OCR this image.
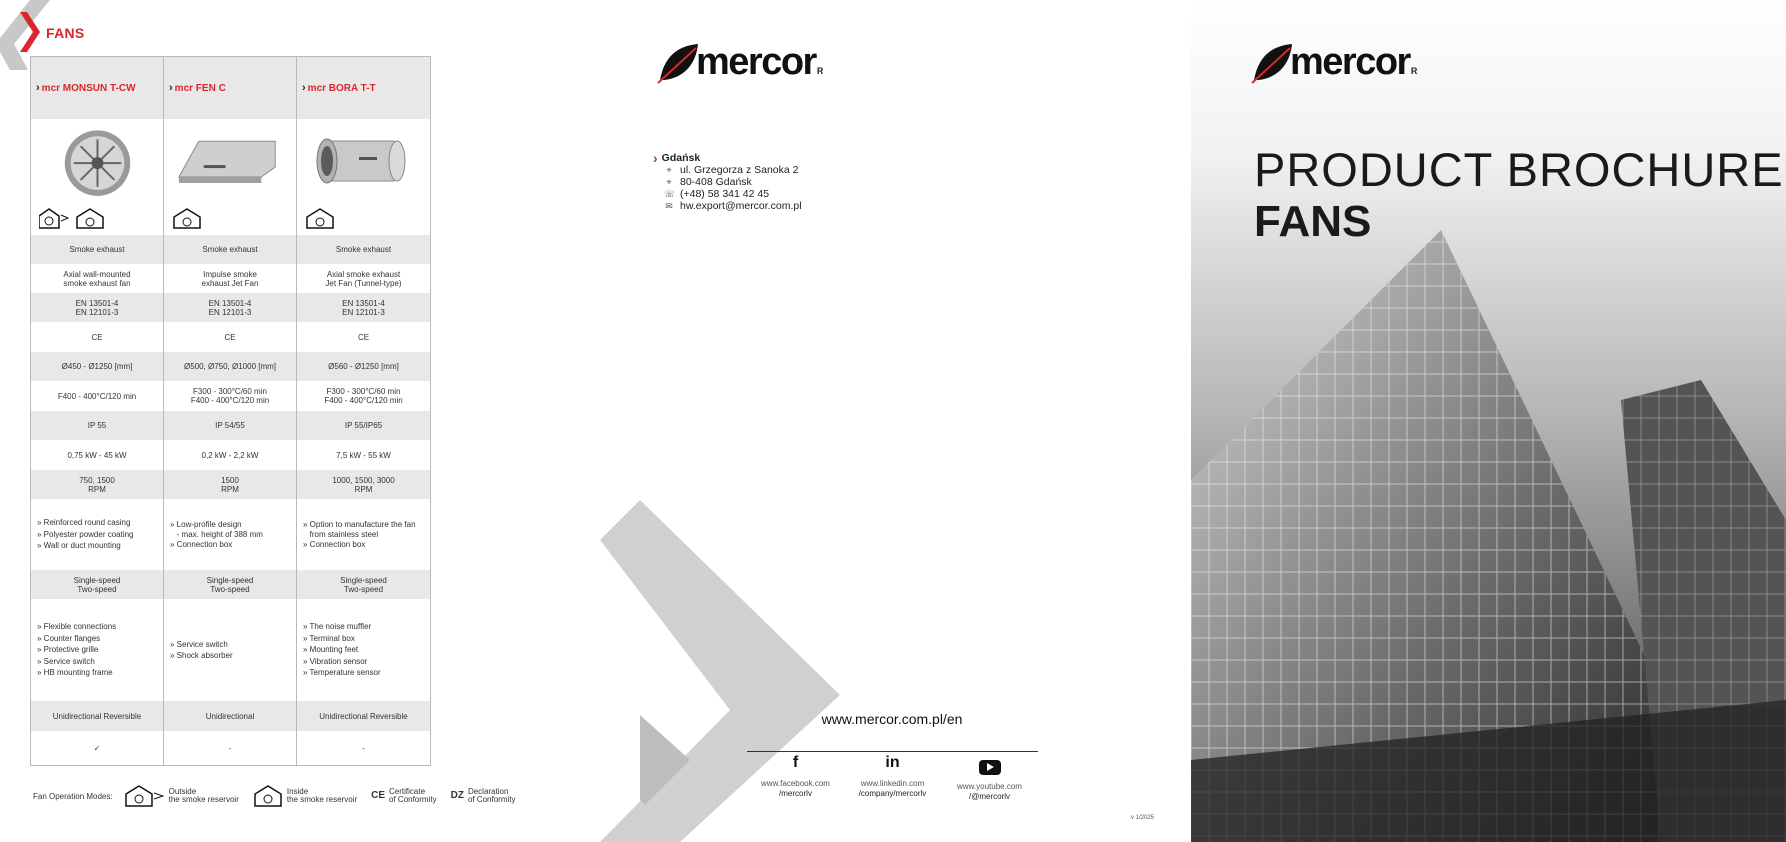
FANS
› mcr MONSUN T-CW
Smoke exhaust
Axial wall-mounted
smoke exhaust fan
EN 13501-4
EN 12101-3
CE
Ø450 - Ø1250 [mm]
F400 - 400°C/120 min
IP 55
0,75 kW - 45 kW
750, 1500
RPM
» Reinforced round casing
» Polyester powder coating
» Wall or duct mounting
Single-speed
Two-speed
» Flexible connections
» Counter flanges
» Protective grille
» Service switch
» HB mounting frame
Unidirectional Reversible
✓
› mcr FEN C
Smoke exhaust
Impulse smoke
exhaust Jet Fan
EN 13501-4
EN 12101-3
CE
Ø500, Ø750, Ø1000 [mm]
F300 - 300°C/60 min
F400 - 400°C/120 min
IP 54/55
0,2 kW - 2,2 kW
1500
RPM
» Low-profile design
- max. height of 388 mm
» Connection box
Single-speed
Two-speed
» Service switch
» Shock absorber
Unidirectional
-
› mcr BORA T-T
Smoke exhaust
Axial smoke exhaust
Jet Fan (Tunnel-type)
EN 13501-4
EN 12101-3
CE
Ø560 - Ø1250 [mm]
F300 - 300°C/60 min
F400 - 400°C/120 min
IP 55/IP65
7,5 kW - 55 kW
1000, 1500, 3000
RPM
» Option to manufacture the fan
from stainless steel
» Connection box
Single-speed
Two-speed
» The noise muffler
» Terminal box
» Mounting feet
» Vibration sensor
» Temperature sensor
Unidirectional Reversible
-
Fan Operation Modes:
Outside
the smoke reservoir
Inside
the smoke reservoir CE Certificate
of Conformity DZ Declaration
of Conformity
mercor R
› Gdańsk
⌖ ul. Grzegorza z Sanoka 2
⌖ 80-408 Gdańsk
☏ (+48) 58 341 42 45
✉ hw.export@mercor.com.pl
www.mercor.com.pl/en
f
www.facebook.com
/mercorlv
in
www.linkedin.com
/company/mercorlv
www.youtube.com
/@mercorlv
v 1/2025
PRODUCT BROCHURE
FANS
mercor R
